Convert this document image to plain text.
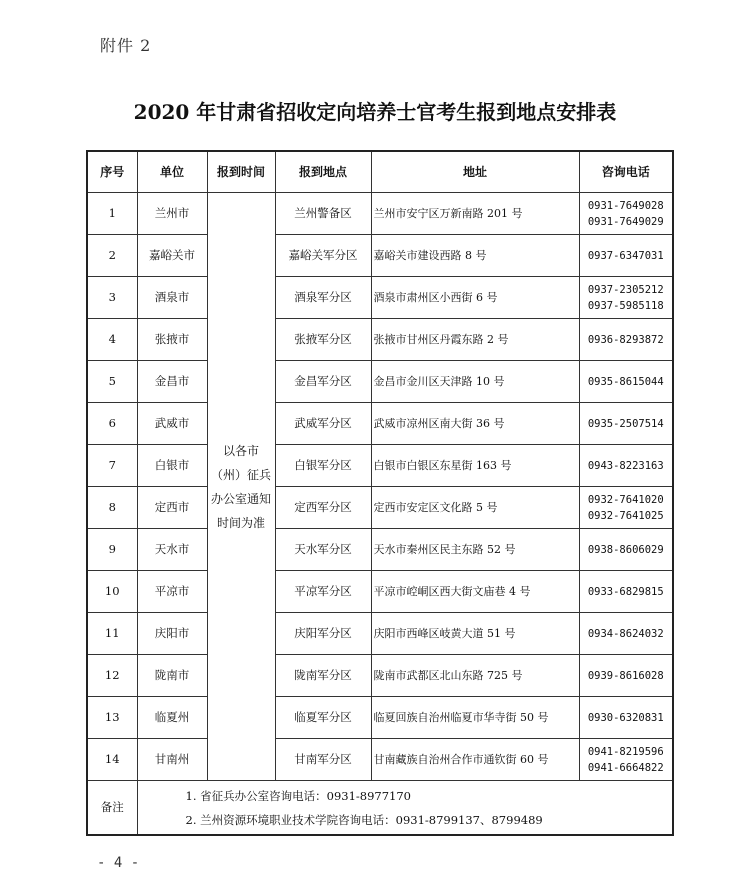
附件 2
2020 年甘肃省招收定向培养士官考生报到地点安排表
序号	单位	报到时间	报到地点	地址	咨询电话
1	兰州市	以各市（州）征兵办公室通知时间为准	兰州警备区	兰州市安宁区万新南路 201 号	0931-7649028
0931-7649029

2	嘉峪关市		嘉峪关军分区	嘉峪关市建设西路 8 号	0937-6347031

3	酒泉市		酒泉军分区	酒泉市肃州区小西街 6 号	0937-2305212
0937-5985118

4	张掖市		张掖军分区	张掖市甘州区丹霞东路 2 号	0936-8293872

5	金昌市		金昌军分区	金昌市金川区天津路 10 号	0935-8615044

6	武威市		武威军分区	武威市凉州区南大街 36 号	0935-2507514

7	白银市		白银军分区	白银市白银区东星街 163 号	0943-8223163

8	定西市		定西军分区	定西市安定区文化路 5 号	0932-7641020
0932-7641025

9	天水市		天水军分区	天水市秦州区民主东路 52 号	0938-8606029

10	平凉市		平凉军分区	平凉市崆峒区西大街文庙巷 4 号	0933-6829815

11	庆阳市		庆阳军分区	庆阳市西峰区岐黄大道 51 号	0934-8624032

12	陇南市		陇南军分区	陇南市武都区北山东路 725 号	0939-8616028

13	临夏州		临夏军分区	临夏回族自治州临夏市华寺街 50 号	0930-6320831

14	甘南州		甘南军分区	甘南藏族自治州合作市通钦街 60 号	0941-8219596
0941-6664822

备注	1. 省征兵办公室咨询电话：0931-8977170
2. 兰州资源环境职业技术学院咨询电话：0931-8799137、8799489				
- 4 -
